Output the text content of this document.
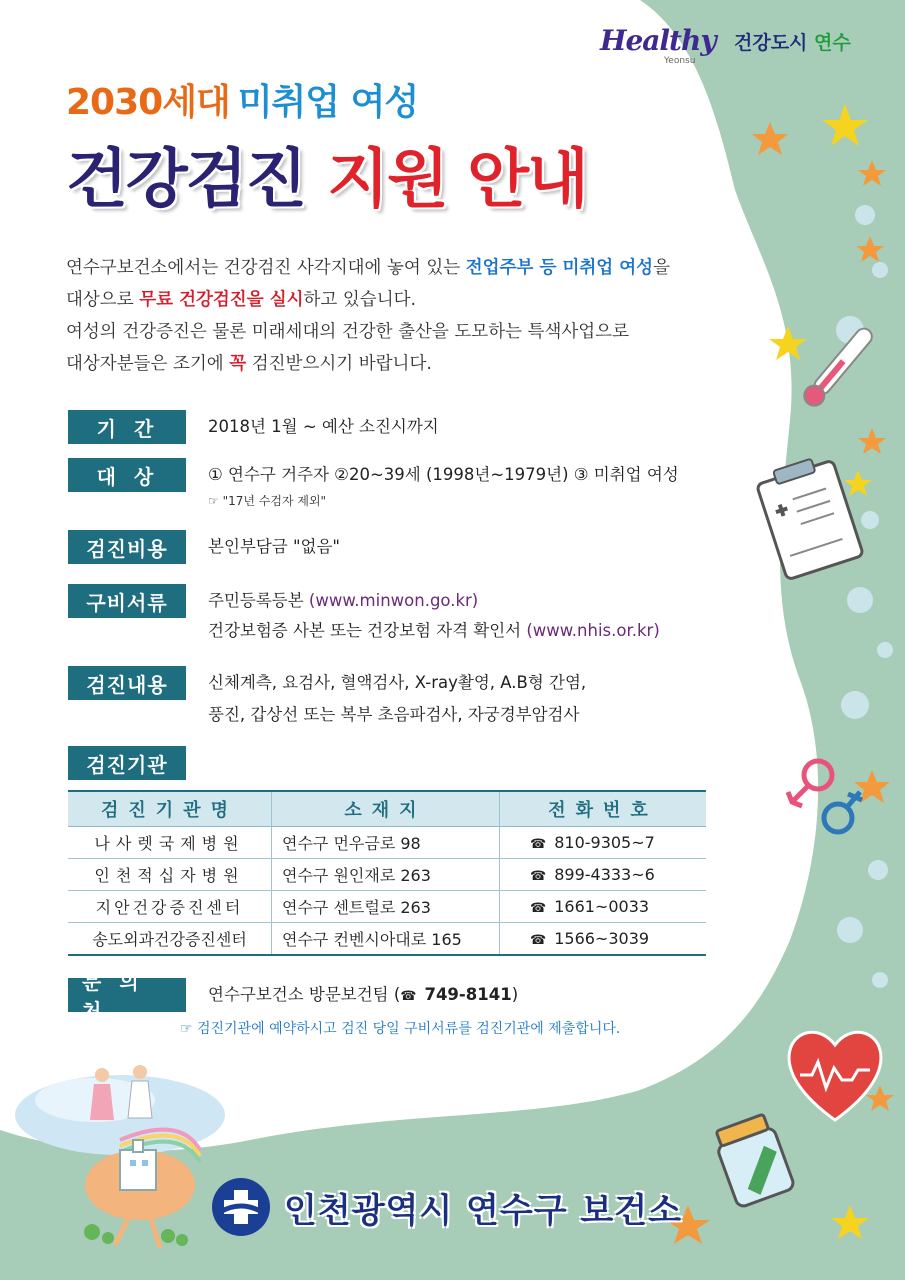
Healthy
Yeonsu
건강도시 연수
2030세대 미취업 여성
건강검진 지원 안내

연수구보건소에서는 건강검진 사각지대에 놓여 있는 전업주부 등 미취업 여성을

대상으로 무료 건강검진을 실시하고 있습니다.

여성의 건강증진은 물론 미래세대의 건강한 출산을 도모하는 특색사업으로

대상자분들은 조기에 꼭 검진받으시기 바랍니다.

기간	2018년 1월 ~ 예산 소진시까지
대상	① 연수구 거주자 ②20~39세 (1998년~1979년) ③ 미취업 여성
☞ "17년 수검자 제외"
검진비용	본인부담금 "없음"
구비서류	주민등록등본 (www.minwon.go.kr)
건강보험증 사본 또는 건강보험 자격 확인서 (www.nhis.or.kr)
검진내용	신체계측, 요검사, 혈액검사, X-ray촬영, A.B형 간염,
풍진, 갑상선 또는 복부 초음파검사, 자궁경부암검사
검진기관
검진기관명	소재지	전화번호
나사렛국제병원	연수구 먼우금로 98	☎ 810-9305~7
인천적십자병원	연수구 원인재로 263	☎ 899-4333~6
지안건강증진센터	연수구 센트럴로 263	☎ 1661~0033
송도외과건강증진센터	연수구 컨벤시아대로 165	☎ 1566~3039
문의처
연수구보건소 방문보건팀 (☎ 749-8141)
☞ 검진기관에 예약하시고 검진 당일 구비서류를 검진기관에 제출합니다.
인천광역시 연수구 보건소
